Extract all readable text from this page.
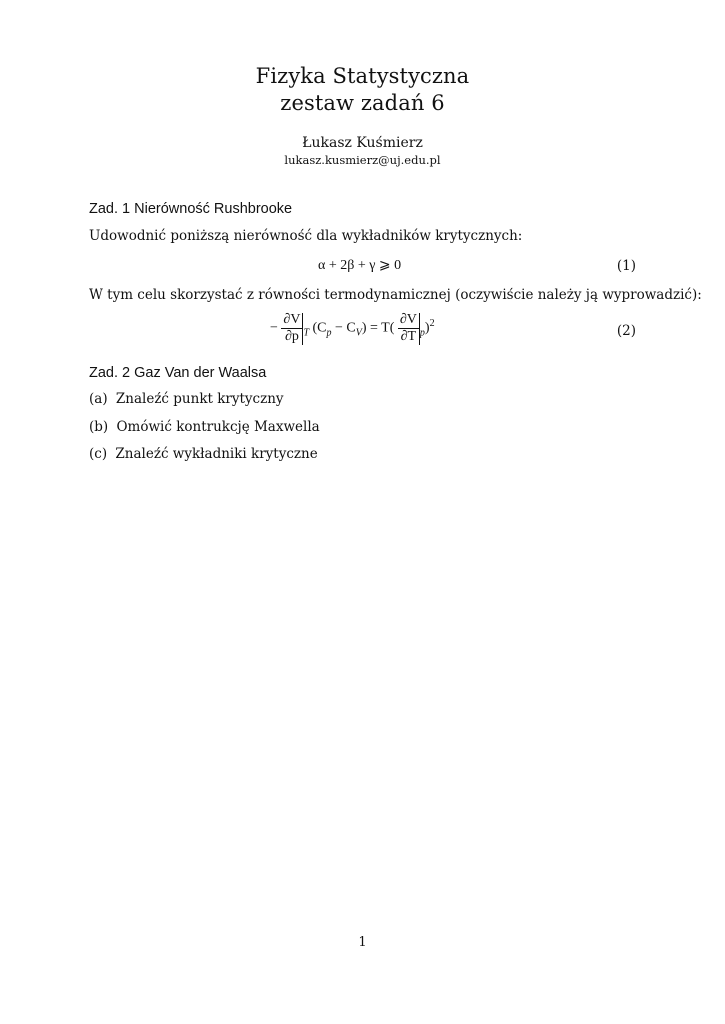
Fizyka Statystyczna
zestaw zadań 6
Łukasz Kuśmierz
lukasz.kusmierz@uj.edu.pl
Zad. 1 Nierówność Rushbrooke
Udowodnić poniższą nierówność dla wykładników krytycznych:
α + 2β + γ ⩾ 0	(1)
W tym celu skorzystać z równości termodynamicznej (oczywiście należy ją wyprowadzić):
− $\frac{\partial V}{\partial p} _T$ $(C_p - C_V) = T( \frac{\partial V}{\partial T} _p)^2$	(2)
Zad. 2 Gaz Van der Waalsa
(a) Znaleźć punkt krytyczny
(b) Omówić kontrukcję Maxwella
(c) Znaleźć wykładniki krytyczne
1
